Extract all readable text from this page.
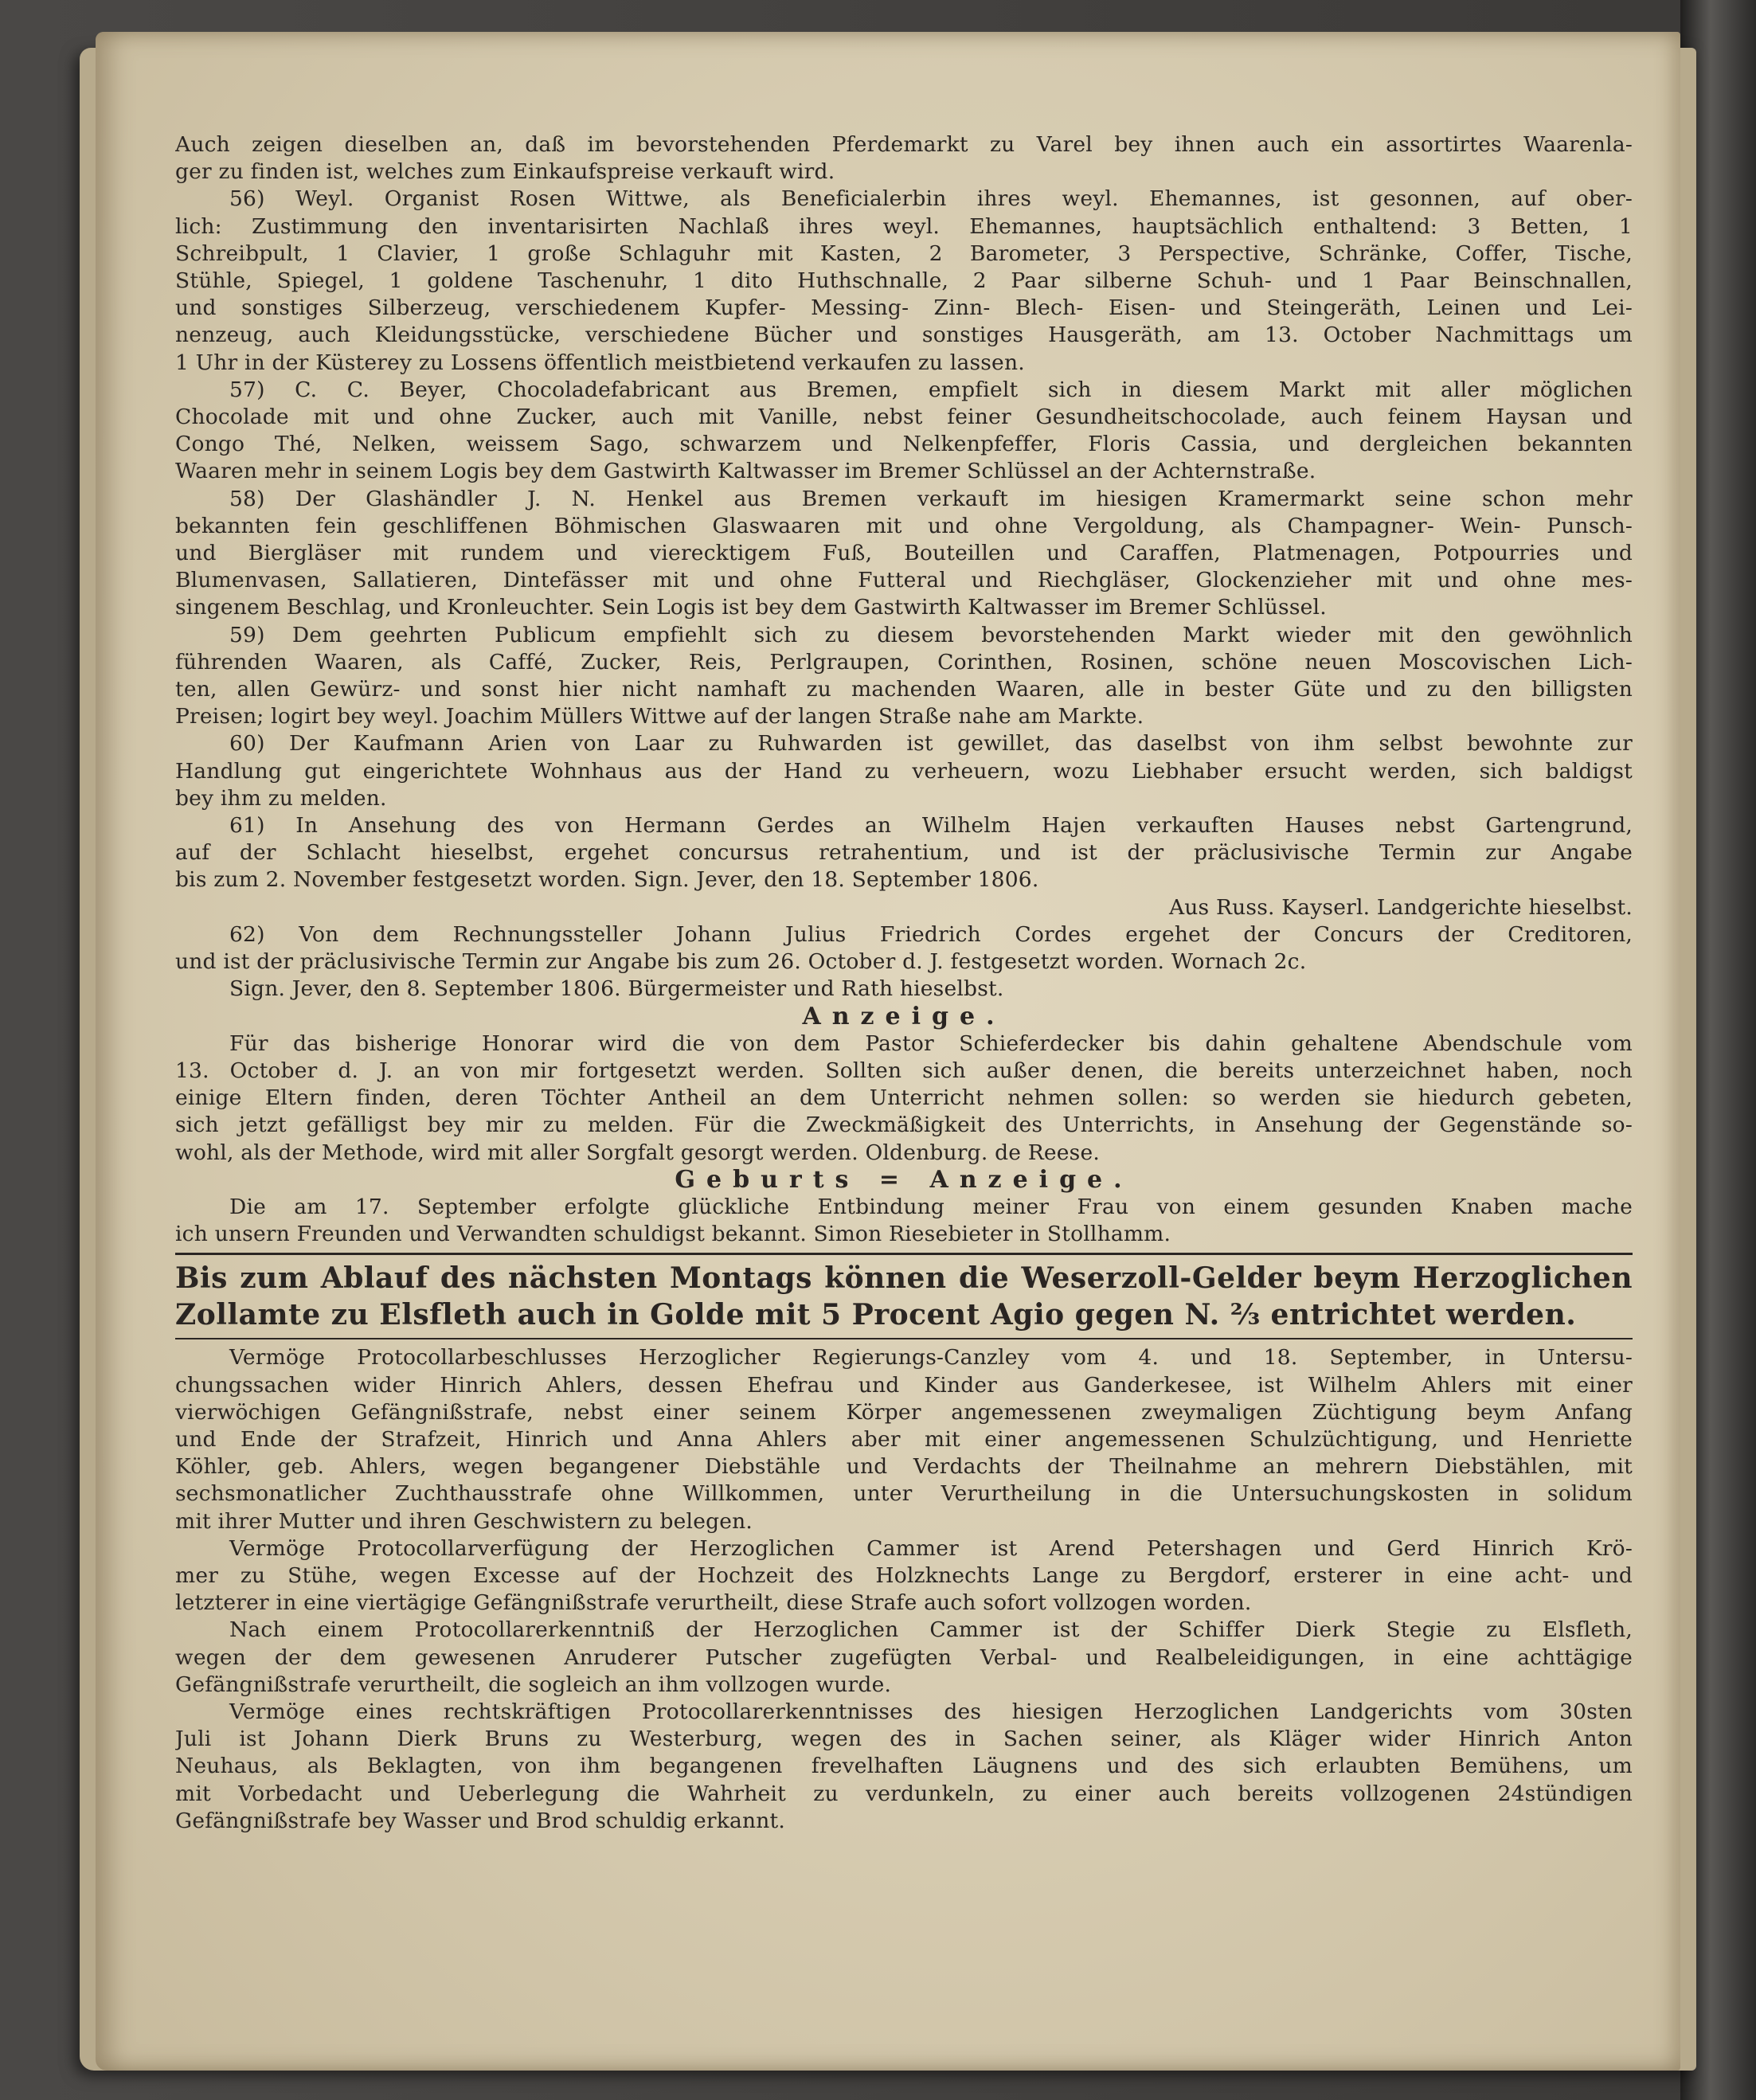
Auch zeigen dieselben an, daß im bevorstehenden Pferdemarkt zu Varel bey ihnen auch ein assortirtes Waarenla-
ger zu finden ist, welches zum Einkaufspreise verkauft wird.
56) Weyl. Organist Rosen Wittwe, als Beneficialerbin ihres weyl. Ehemannes, ist gesonnen, auf ober-
lich: Zustimmung den inventarisirten Nachlaß ihres weyl. Ehemannes, hauptsächlich enthaltend: 3 Betten, 1
Schreibpult, 1 Clavier, 1 große Schlaguhr mit Kasten, 2 Barometer, 3 Perspective, Schränke, Coffer, Tische,
Stühle, Spiegel, 1 goldene Taschenuhr, 1 dito Huthschnalle, 2 Paar silberne Schuh- und 1 Paar Beinschnallen,
und sonstiges Silberzeug, verschiedenem Kupfer- Messing- Zinn- Blech- Eisen- und Steingeräth, Leinen und Lei-
nenzeug, auch Kleidungsstücke, verschiedene Bücher und sonstiges Hausgeräth, am 13. October Nachmittags um
1 Uhr in der Küsterey zu Lossens öffentlich meistbietend verkaufen zu lassen.
57) C. C. Beyer, Chocoladefabricant aus Bremen, empfielt sich in diesem Markt mit aller möglichen
Chocolade mit und ohne Zucker, auch mit Vanille, nebst feiner Gesundheitschocolade, auch feinem Haysan und
Congo Thé, Nelken, weissem Sago, schwarzem und Nelkenpfeffer, Floris Cassia, und dergleichen bekannten
Waaren mehr in seinem Logis bey dem Gastwirth Kaltwasser im Bremer Schlüssel an der Achternstraße.
58) Der Glashändler J. N. Henkel aus Bremen verkauft im hiesigen Kramermarkt seine schon mehr
bekannten fein geschliffenen Böhmischen Glaswaaren mit und ohne Vergoldung, als Champagner- Wein- Punsch-
und Biergläser mit rundem und vierecktigem Fuß, Bouteillen und Caraffen, Platmenagen, Potpourries und
Blumenvasen, Sallatieren, Dintefässer mit und ohne Futteral und Riechgläser, Glockenzieher mit und ohne mes-
singenem Beschlag, und Kronleuchter. Sein Logis ist bey dem Gastwirth Kaltwasser im Bremer Schlüssel.
59) Dem geehrten Publicum empfiehlt sich zu diesem bevorstehenden Markt wieder mit den gewöhnlich
führenden Waaren, als Caffé, Zucker, Reis, Perlgraupen, Corinthen, Rosinen, schöne neuen Moscovischen Lich-
ten, allen Gewürz- und sonst hier nicht namhaft zu machenden Waaren, alle in bester Güte und zu den billigsten
Preisen; logirt bey weyl. Joachim Müllers Wittwe auf der langen Straße nahe am Markte.
60) Der Kaufmann Arien von Laar zu Ruhwarden ist gewillet, das daselbst von ihm selbst bewohnte zur
Handlung gut eingerichtete Wohnhaus aus der Hand zu verheuern, wozu Liebhaber ersucht werden, sich baldigst
bey ihm zu melden.
61) In Ansehung des von Hermann Gerdes an Wilhelm Hajen verkauften Hauses nebst Gartengrund,
auf der Schlacht hieselbst, ergehet concursus retrahentium, und ist der präclusivische Termin zur Angabe
bis zum 2. November festgesetzt worden. Sign. Jever, den 18. September 1806.
Aus Russ. Kayserl. Landgerichte hieselbst.
62) Von dem Rechnungssteller Johann Julius Friedrich Cordes ergehet der Concurs der Creditoren,
und ist der präclusivische Termin zur Angabe bis zum 26. October d. J. festgesetzt worden. Wornach 2c.
Sign. Jever, den 8. September 1806. Bürgermeister und Rath hieselbst.
Anzeige.
Für das bisherige Honorar wird die von dem Pastor Schieferdecker bis dahin gehaltene Abendschule vom
13. October d. J. an von mir fortgesetzt werden. Sollten sich außer denen, die bereits unterzeichnet haben, noch
einige Eltern finden, deren Töchter Antheil an dem Unterricht nehmen sollen: so werden sie hiedurch gebeten,
sich jetzt gefälligst bey mir zu melden. Für die Zweckmäßigkeit des Unterrichts, in Ansehung der Gegenstände so-
wohl, als der Methode, wird mit aller Sorgfalt gesorgt werden. Oldenburg. de Reese.
Geburts = Anzeige.
Die am 17. September erfolgte glückliche Entbindung meiner Frau von einem gesunden Knaben mache
ich unsern Freunden und Verwandten schuldigst bekannt. Simon Riesebieter in Stollhamm.
Bis zum Ablauf des nächsten Montags können die Weserzoll-Gelder beym Herzoglichen
Zollamte zu Elsfleth auch in Golde mit 5 Procent Agio gegen N. ⅔ entrichtet werden.
Vermöge Protocollarbeschlusses Herzoglicher Regierungs-Canzley vom 4. und 18. September, in Untersu-
chungssachen wider Hinrich Ahlers, dessen Ehefrau und Kinder aus Ganderkesee, ist Wilhelm Ahlers mit einer
vierwöchigen Gefängnißstrafe, nebst einer seinem Körper angemessenen zweymaligen Züchtigung beym Anfang
und Ende der Strafzeit, Hinrich und Anna Ahlers aber mit einer angemessenen Schulzüchtigung, und Henriette
Köhler, geb. Ahlers, wegen begangener Diebstähle und Verdachts der Theilnahme an mehrern Diebstählen, mit
sechsmonatlicher Zuchthausstrafe ohne Willkommen, unter Verurtheilung in die Untersuchungskosten in solidum
mit ihrer Mutter und ihren Geschwistern zu belegen.
Vermöge Protocollarverfügung der Herzoglichen Cammer ist Arend Petershagen und Gerd Hinrich Krö-
mer zu Stühe, wegen Excesse auf der Hochzeit des Holzknechts Lange zu Bergdorf, ersterer in eine acht- und
letzterer in eine viertägige Gefängnißstrafe verurtheilt, diese Strafe auch sofort vollzogen worden.
Nach einem Protocollarerkenntniß der Herzoglichen Cammer ist der Schiffer Dierk Stegie zu Elsfleth,
wegen der dem gewesenen Anruderer Putscher zugefügten Verbal- und Realbeleidigungen, in eine achttägige
Gefängnißstrafe verurtheilt, die sogleich an ihm vollzogen wurde.
Vermöge eines rechtskräftigen Protocollarerkenntnisses des hiesigen Herzoglichen Landgerichts vom 30sten
Juli ist Johann Dierk Bruns zu Westerburg, wegen des in Sachen seiner, als Kläger wider Hinrich Anton
Neuhaus, als Beklagten, von ihm begangenen frevelhaften Läugnens und des sich erlaubten Bemühens, um
mit Vorbedacht und Ueberlegung die Wahrheit zu verdunkeln, zu einer auch bereits vollzogenen 24stündigen
Gefängnißstrafe bey Wasser und Brod schuldig erkannt.
